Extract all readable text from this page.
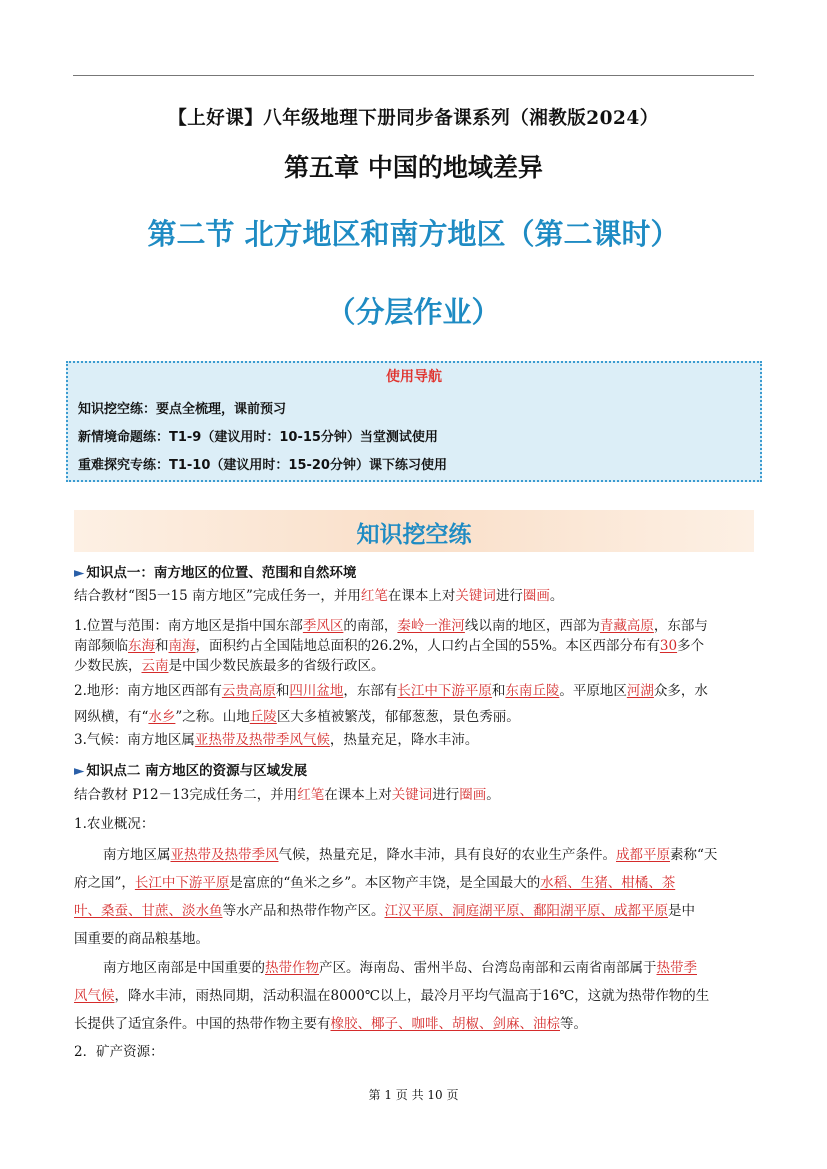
【上好课】八年级地理下册同步备课系列（湘教版2024）
第五章 中国的地域差异
第二节 北方地区和南方地区（第二课时）
（分层作业）
使用导航
知识挖空练：要点全梳理，课前预习
新情境命题练：T1-9（建议用时：10-15分钟）当堂测试使用
重难探究专练：T1-10（建议用时：15-20分钟）课下练习使用
知识挖空练
► 知识点一：南方地区的位置、范围和自然环境
结合教材“图5一15 南方地区”完成任务一，并用红笔在课本上对关键词进行圈画。
1.位置与范围：南方地区是指中国东部季风区的南部，秦岭一淮河线以南的地区，西部为青藏高原，东部与
南部频临东海和南海，面积约占全国陆地总面积的26.2%，人口约占全国的55%。本区西部分布有30多个
少数民族，云南是中国少数民族最多的省级行政区。
2.地形：南方地区西部有云贵高原和四川盆地，东部有长江中下游平原和东南丘陵。平原地区河湖众多，水
网纵横，有“水乡”之称。山地丘陵区大多植被繁茂，郁郁葱葱，景色秀丽。
3.气候：南方地区属亚热带及热带季风气候，热量充足，降水丰沛。
► 知识点二 南方地区的资源与区域发展
结合教材 P12－13完成任务二，并用红笔在课本上对关键词进行圈画。
1.农业概况：
南方地区属亚热带及热带季风气候，热量充足，降水丰沛，具有良好的农业生产条件。成都平原素称“天
府之国”，长江中下游平原是富庶的“鱼米之乡”。本区物产丰饶，是全国最大的水稻、生猪、柑橘、茶
叶、桑蚕、甘蔗、淡水鱼等水产品和热带作物产区。江汉平原、洞庭湖平原、鄱阳湖平原、成都平原是中
国重要的商品粮基地。
南方地区南部是中国重要的热带作物产区。海南岛、雷州半岛、台湾岛南部和云南省南部属于热带季
风气候，降水丰沛，雨热同期，活动积温在8000℃以上，最冷月平均气温高于16℃，这就为热带作物的生
长提供了适宜条件。中国的热带作物主要有橡胶、椰子、咖啡、胡椒、剑麻、油棕等。
2．矿产资源：
第 1 页 共 10 页
